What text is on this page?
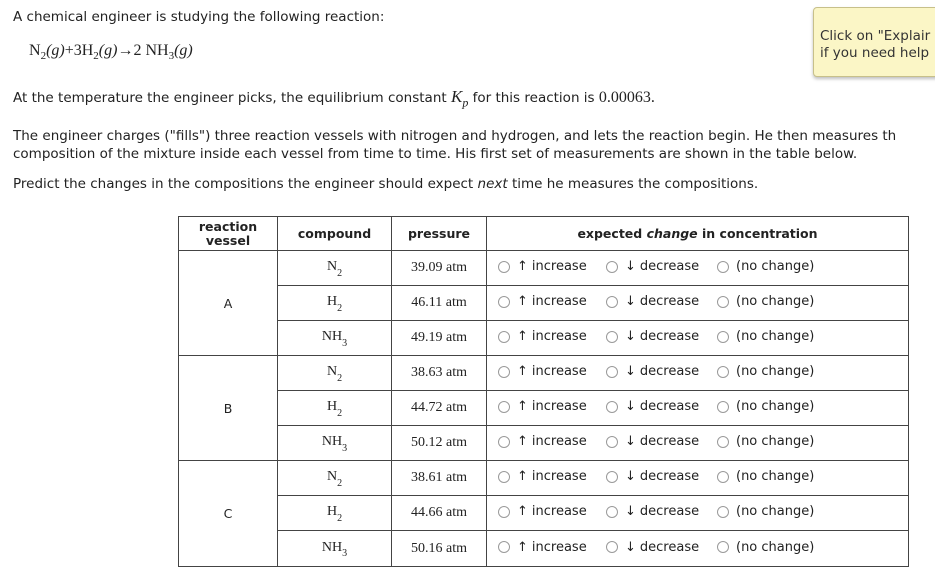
A chemical engineer is studying the following reaction:
$N_2(g)+3H_2(g)\to 2$ $NH_3(g)$
Click on "Explair
if you need help
At the temperature the engineer picks, the equilibrium constant $K_p$ for this reaction is 0.00063.
The engineer charges ("fills") three reaction vessels with nitrogen and hydrogen, and lets the reaction begin. He then measures th
composition of the mixture inside each vessel from time to time. His first set of measurements are shown in the table below.
Predict the changes in the compositions the engineer should expect next time he measures the compositions.
reaction vessel	compound	pressure	expected change in concentration
A	$N_2$	39.09 atm	↑ increase ↓ decrease (no change)

	$H_2$	46.11 atm	↑ increase ↓ decrease (no change)

	$NH_3$	49.19 atm	↑ increase ↓ decrease (no change)

B	$N_2$	38.63 atm	↑ increase ↓ decrease (no change)

	$H_2$	44.72 atm	↑ increase ↓ decrease (no change)

	$NH_3$	50.12 atm	↑ increase ↓ decrease (no change)

C	$N_2$	38.61 atm	↑ increase ↓ decrease (no change)

	$H_2$	44.66 atm	↑ increase ↓ decrease (no change)

	$NH_3$	50.16 atm	↑ increase ↓ decrease (no change)
